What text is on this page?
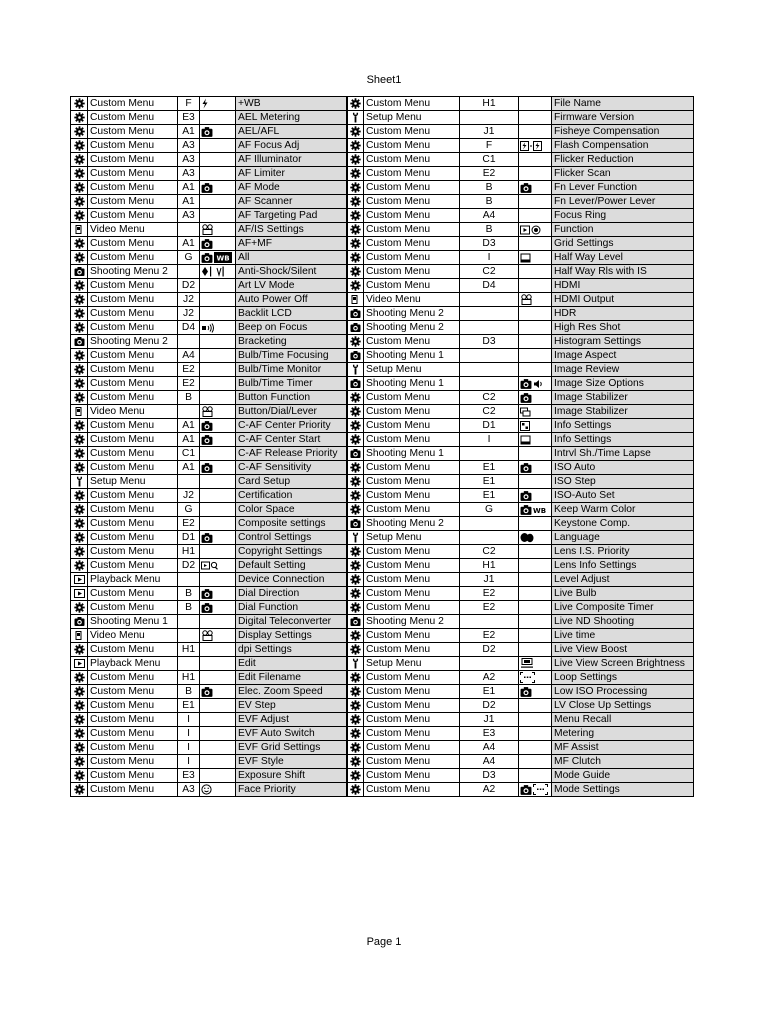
Sheet1
	Custom Menu	F		+WB		Custom Menu	H1		File Name
	Custom Menu	E3		AEL Metering		Setup Menu			Firmware Version
	Custom Menu	A1		AEL/AFL		Custom Menu	J1		Fisheye Compensation
	Custom Menu	A3		AF Focus Adj		Custom Menu	F		Flash Compensation
	Custom Menu	A3		AF Illuminator		Custom Menu	C1		Flicker Reduction
	Custom Menu	A3		AF Limiter		Custom Menu	E2		Flicker Scan
	Custom Menu	A1		AF Mode		Custom Menu	B		Fn Lever Function
	Custom Menu	A1		AF Scanner		Custom Menu	B		Fn Lever/Power Lever
	Custom Menu	A3		AF Targeting Pad		Custom Menu	A4		Focus Ring
	Video Menu			AF/IS Settings		Custom Menu	B		Function
	Custom Menu	A1		AF+MF		Custom Menu	D3		Grid Settings
	Custom Menu	G	WB	All		Custom Menu	I		Half Way Level
	Shooting Menu 2			Anti-Shock/Silent		Custom Menu	C2		Half Way Rls with IS
	Custom Menu	D2		Art LV Mode		Custom Menu	D4		HDMI
	Custom Menu	J2		Auto Power Off		Video Menu			HDMI Output
	Custom Menu	J2		Backlit LCD		Shooting Menu 2			HDR
	Custom Menu	D4		Beep on Focus		Shooting Menu 2			High Res Shot
	Shooting Menu 2			Bracketing		Custom Menu	D3		Histogram Settings
	Custom Menu	A4		Bulb/Time Focusing		Shooting Menu 1			Image Aspect
	Custom Menu	E2		Bulb/Time Monitor		Setup Menu			Image Review
	Custom Menu	E2		Bulb/Time Timer		Shooting Menu 1			Image Size Options
	Custom Menu	B		Button Function		Custom Menu	C2		Image Stabilizer
	Video Menu			Button/Dial/Lever		Custom Menu	C2		Image Stabilizer
	Custom Menu	A1		C-AF Center Priority		Custom Menu	D1		Info Settings
	Custom Menu	A1		C-AF Center Start		Custom Menu	I		Info Settings
	Custom Menu	C1		C-AF Release Priority		Shooting Menu 1			Intrvl Sh./Time Lapse
	Custom Menu	A1		C-AF Sensitivity		Custom Menu	E1		ISO Auto
	Setup Menu			Card Setup		Custom Menu	E1		ISO Step
	Custom Menu	J2		Certification		Custom Menu	E1		ISO-Auto Set
	Custom Menu	G		Color Space		Custom Menu	G	WB	Keep Warm Color
	Custom Menu	E2		Composite settings		Shooting Menu 2			Keystone Comp.
	Custom Menu	D1		Control Settings		Setup Menu			Language
	Custom Menu	H1		Copyright Settings		Custom Menu	C2		Lens I.S. Priority
	Custom Menu	D2		Default Setting		Custom Menu	H1		Lens Info Settings
	Playback Menu			Device Connection		Custom Menu	J1		Level Adjust
	Custom Menu	B		Dial Direction		Custom Menu	E2		Live Bulb
	Custom Menu	B		Dial Function		Custom Menu	E2		Live Composite Timer
	Shooting Menu 1			Digital Teleconverter		Shooting Menu 2			Live ND Shooting
	Video Menu			Display Settings		Custom Menu	E2		Live time
	Custom Menu	H1		dpi Settings		Custom Menu	D2		Live View Boost
	Playback Menu			Edit		Setup Menu			Live View Screen Brightness
	Custom Menu	H1		Edit Filename		Custom Menu	A2		Loop Settings
	Custom Menu	B		Elec. Zoom Speed		Custom Menu	E1		Low ISO Processing
	Custom Menu	E1		EV Step		Custom Menu	D2		LV Close Up Settings
	Custom Menu	I		EVF Adjust		Custom Menu	J1		Menu Recall
	Custom Menu	I		EVF Auto Switch		Custom Menu	E3		Metering
	Custom Menu	I		EVF Grid Settings		Custom Menu	A4		MF Assist
	Custom Menu	I		EVF Style		Custom Menu	A4		MF Clutch
	Custom Menu	E3		Exposure Shift		Custom Menu	D3		Mode Guide
	Custom Menu	A3		Face Priority		Custom Menu	A2		Mode Settings
Page 1
